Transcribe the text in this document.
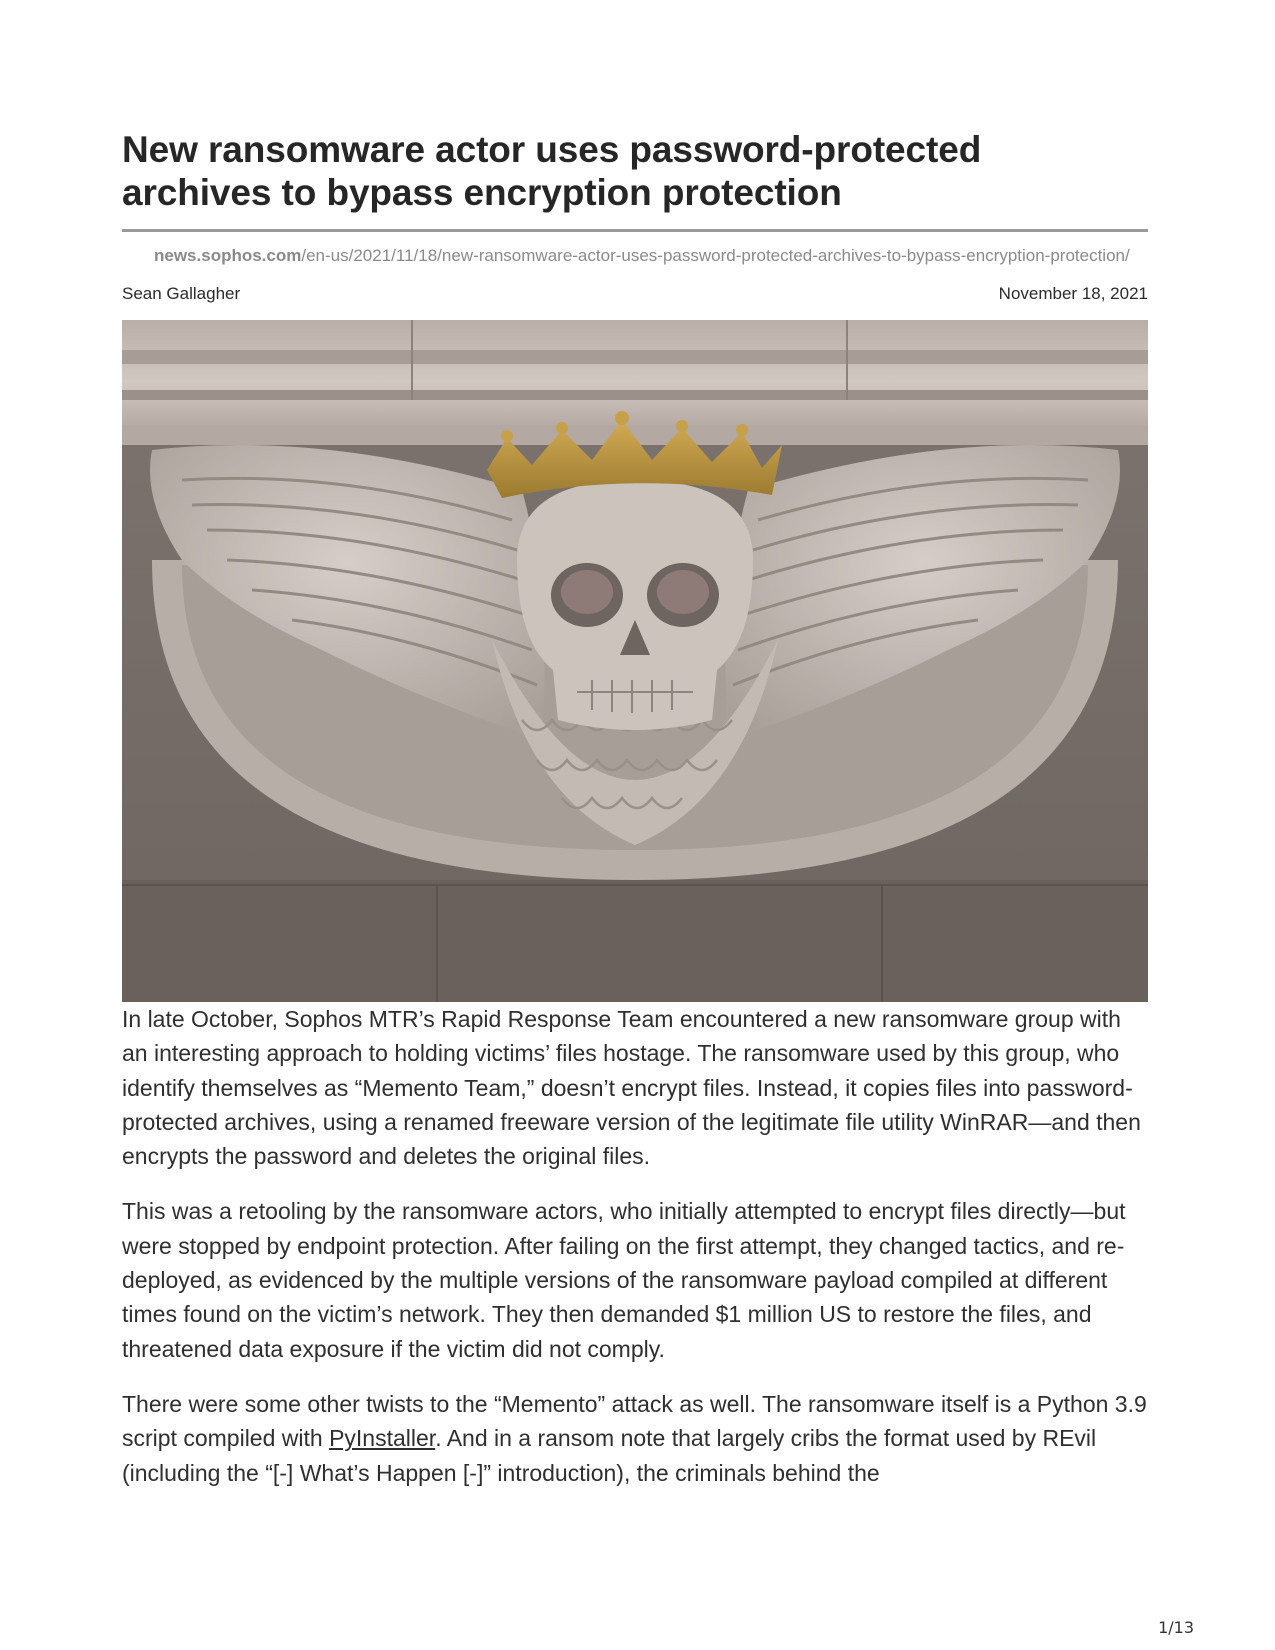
New ransomware actor uses password-protected
archives to bypass encryption protection
news.sophos.com/en-us/2021/11/18/new-ransomware-actor-uses-password-protected-archives-to-bypass-encryption-protection/
Sean Gallagher	November 18, 2021

In late October, Sophos MTR’s Rapid Response Team encountered a new ransomware group with an interesting approach to holding victims’ files hostage. The ransomware used by this group, who identify themselves as “Memento Team,” doesn’t encrypt files. Instead, it copies files into password-protected archives, using a renamed freeware version of the legitimate file utility WinRAR—and then encrypts the password and deletes the original files.

This was a retooling by the ransomware actors, who initially attempted to encrypt files directly—but were stopped by endpoint protection. After failing on the first attempt, they changed tactics, and re-deployed, as evidenced by the multiple versions of the ransomware payload compiled at different times found on the victim’s network. They then demanded $1 million US to restore the files, and threatened data exposure if the victim did not comply.

There were some other twists to the “Memento” attack as well. The ransomware itself is a Python 3.9 script compiled with PyInstaller. And in a ransom note that largely cribs the format used by REvil (including the “[-] What’s Happen [-]” introduction), the criminals behind the

1/13
